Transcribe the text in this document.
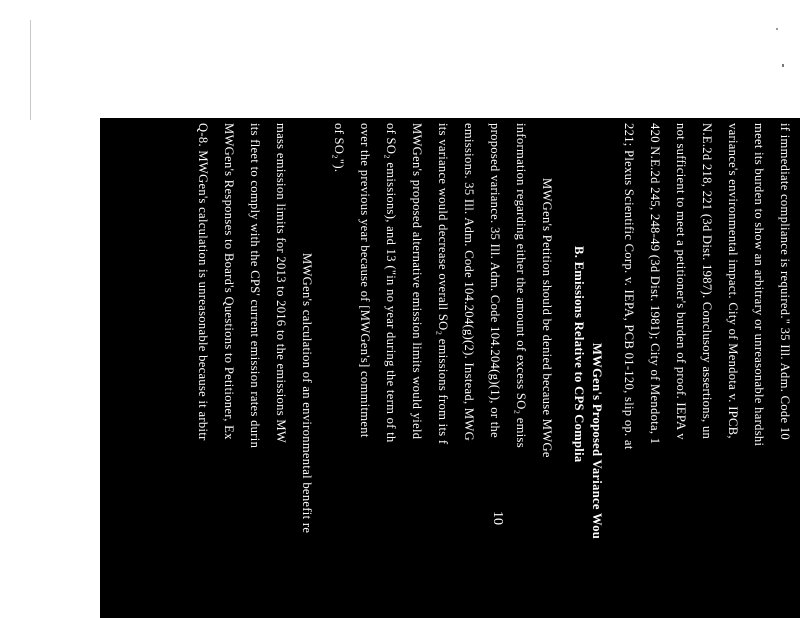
if immediate compliance is required." 35 Ill. Adm. Code 10
meet its burden to show an arbitrary or unreasonable hardshi
variance's environmental impact. City of Mendota v. IPCB,
N.E.2d 218, 221 (3d Dist. 1987). Conclusory assertions, un
not sufficient to meet a petitioner's burden of proof. IEPA v
420 N.E.2d 245, 248-49 (3d Dist. 1981); City of Mendota, 1
221; Plexus Scientific Corp. v. IEPA, PCB 01-120, slip op. at
MWGen's Proposed Variance Wou
B. Emissions Relative to CPS Complia
MWGen's Petition should be denied because MWGe
information regarding either the amount of excess SO₂ emiss
proposed variance. 35 Ill. Adm. Code 104.204(g)(1), or the
emissions. 35 Ill. Adm. Code 104.204(g)(2). Instead, MWG
its variance would decrease overall SO₂ emissions from its f
MWGen's proposed alternative emission limits would yield
of SO₂ emissions), and 13 ("in no year during the term of th
over the previous year because of [MWGen's] commitment
of SO₂").
MWGen's calculation of an environmental benefit re
mass emission limits for 2013 to 2016 to the emissions MW
its fleet to comply with the CPS' current emission rates durin
MWGen's Responses to Board's Questions to Petitioner, Ex
Q-8. MWGen's calculation is unreasonable because it arbitr
10
